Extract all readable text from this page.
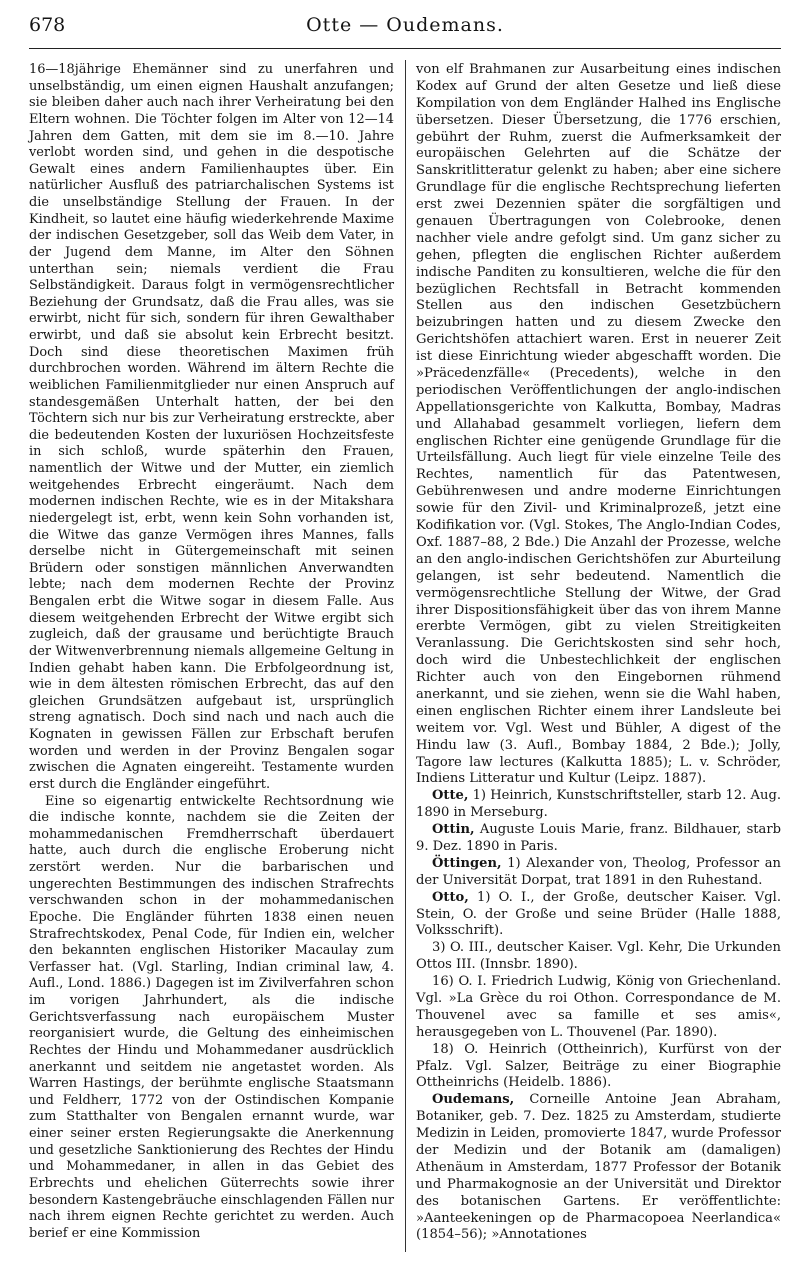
678	Otte — Oudemans.

16—18jährige Ehemänner sind zu unerfahren und unselbständig, um einen eignen Haushalt anzufangen; sie bleiben daher auch nach ihrer Verheiratung bei den Eltern wohnen. Die Töchter folgen im Alter von 12—14 Jahren dem Gatten, mit dem sie im 8.—10. Jahre verlobt worden sind, und gehen in die despotische Gewalt eines andern Familienhauptes über. Ein natürlicher Ausfluß des patriarchalischen Systems ist die unselbständige Stellung der Frauen. In der Kindheit, so lautet eine häufig wiederkehrende Maxime der indischen Gesetzgeber, soll das Weib dem Vater, in der Jugend dem Manne, im Alter den Söhnen unterthan sein; niemals verdient die Frau Selbständigkeit. Daraus folgt in vermögensrechtlicher Beziehung der Grundsatz, daß die Frau alles, was sie erwirbt, nicht für sich, sondern für ihren Gewalthaber erwirbt, und daß sie absolut kein Erbrecht besitzt. Doch sind diese theoretischen Maximen früh durchbrochen worden. Während im ältern Rechte die weiblichen Familienmitglieder nur einen Anspruch auf standesgemäßen Unterhalt hatten, der bei den Töchtern sich nur bis zur Verheiratung erstreckte, aber die bedeutenden Kosten der luxuriösen Hochzeitsfeste in sich schloß, wurde späterhin den Frauen, namentlich der Witwe und der Mutter, ein ziemlich weitgehendes Erbrecht eingeräumt. Nach dem modernen indischen Rechte, wie es in der Mitakshara niedergelegt ist, erbt, wenn kein Sohn vorhanden ist, die Witwe das ganze Vermögen ihres Mannes, falls derselbe nicht in Gütergemeinschaft mit seinen Brüdern oder sonstigen männlichen Anverwandten lebte; nach dem modernen Rechte der Provinz Bengalen erbt die Witwe sogar in diesem Falle. Aus diesem weitgehenden Erbrecht der Witwe ergibt sich zugleich, daß der grausame und berüchtigte Brauch der Witwenverbrennung niemals allgemeine Geltung in Indien gehabt haben kann. Die Erbfolgeordnung ist, wie in dem ältesten römischen Erbrecht, das auf den gleichen Grundsätzen aufgebaut ist, ursprünglich streng agnatisch. Doch sind nach und nach auch die Kognaten in gewissen Fällen zur Erbschaft berufen worden und werden in der Provinz Bengalen sogar zwischen die Agnaten eingereiht. Testamente wurden erst durch die Engländer eingeführt.

Eine so eigenartig entwickelte Rechtsordnung wie die indische konnte, nachdem sie die Zeiten der mohammedanischen Fremdherrschaft überdauert hatte, auch durch die englische Eroberung nicht zerstört werden. Nur die barbarischen und ungerechten Bestimmungen des indischen Strafrechts verschwanden schon in der mohammedanischen Epoche. Die Engländer führten 1838 einen neuen Strafrechtskodex, Penal Code, für Indien ein, welcher den bekannten englischen Historiker Macaulay zum Verfasser hat. (Vgl. Starling, Indian criminal law, 4. Aufl., Lond. 1886.) Dagegen ist im Zivilverfahren schon im vorigen Jahrhundert, als die indische Gerichtsverfassung nach europäischem Muster reorganisiert wurde, die Geltung des einheimischen Rechtes der Hindu und Mohammedaner ausdrücklich anerkannt und seitdem nie angetastet worden. Als Warren Hastings, der berühmte englische Staatsmann und Feldherr, 1772 von der Ostindischen Kompanie zum Statthalter von Bengalen ernannt wurde, war einer seiner ersten Regierungsakte die Anerkennung und gesetzliche Sanktionierung des Rechtes der Hindu und Mohammedaner, in allen in das Gebiet des Erbrechts und ehelichen Güterrechts sowie ihrer besondern Kastengebräuche einschlagenden Fällen nur nach ihrem eignen Rechte gerichtet zu werden. Auch berief er eine Kommission

von elf Brahmanen zur Ausarbeitung eines indischen Kodex auf Grund der alten Gesetze und ließ diese Kompilation von dem Engländer Halhed ins Englische übersetzen. Dieser Übersetzung, die 1776 erschien, gebührt der Ruhm, zuerst die Aufmerksamkeit der europäischen Gelehrten auf die Schätze der Sanskritlitteratur gelenkt zu haben; aber eine sichere Grundlage für die englische Rechtsprechung lieferten erst zwei Dezennien später die sorgfältigen und genauen Übertragungen von Colebrooke, denen nachher viele andre gefolgt sind. Um ganz sicher zu gehen, pflegten die englischen Richter außerdem indische Panditen zu konsultieren, welche die für den bezüglichen Rechtsfall in Betracht kommenden Stellen aus den indischen Gesetzbüchern beizubringen hatten und zu diesem Zwecke den Gerichtshöfen attachiert waren. Erst in neuerer Zeit ist diese Einrichtung wieder abgeschafft worden. Die »Präcedenzfälle« (Precedents), welche in den periodischen Veröffentlichungen der anglo-indischen Appellationsgerichte von Kalkutta, Bombay, Madras und Allahabad gesammelt vorliegen, liefern dem englischen Richter eine genügende Grundlage für die Urteilsfällung. Auch liegt für viele einzelne Teile des Rechtes, namentlich für das Patentwesen, Gebührenwesen und andre moderne Einrichtungen sowie für den Zivil- und Kriminalprozeß, jetzt eine Kodifikation vor. (Vgl. Stokes, The Anglo-Indian Codes, Oxf. 1887–88, 2 Bde.) Die Anzahl der Prozesse, welche an den anglo-indischen Gerichtshöfen zur Aburteilung gelangen, ist sehr bedeutend. Namentlich die vermögensrechtliche Stellung der Witwe, der Grad ihrer Dispositionsfähigkeit über das von ihrem Manne ererbte Vermögen, gibt zu vielen Streitigkeiten Veranlassung. Die Gerichtskosten sind sehr hoch, doch wird die Unbestechlichkeit der englischen Richter auch von den Eingebornen rühmend anerkannt, und sie ziehen, wenn sie die Wahl haben, einen englischen Richter einem ihrer Landsleute bei weitem vor. Vgl. West und Bühler, A digest of the Hindu law (3. Aufl., Bombay 1884, 2 Bde.); Jolly, Tagore law lectures (Kalkutta 1885); L. v. Schröder, Indiens Litteratur und Kultur (Leipz. 1887).

Otte, 1) Heinrich, Kunstschriftsteller, starb 12. Aug. 1890 in Merseburg.

Ottin, Auguste Louis Marie, franz. Bildhauer, starb 9. Dez. 1890 in Paris.

Öttingen, 1) Alexander von, Theolog, Professor an der Universität Dorpat, trat 1891 in den Ruhestand.

Otto, 1) O. I., der Große, deutscher Kaiser. Vgl. Stein, O. der Große und seine Brüder (Halle 1888, Volksschrift).

3) O. III., deutscher Kaiser. Vgl. Kehr, Die Urkunden Ottos III. (Innsbr. 1890).

16) O. I. Friedrich Ludwig, König von Griechenland. Vgl. »La Grèce du roi Othon. Correspondance de M. Thouvenel avec sa famille et ses amis«, herausgegeben von L. Thouvenel (Par. 1890).

18) O. Heinrich (Ottheinrich), Kurfürst von der Pfalz. Vgl. Salzer, Beiträge zu einer Biographie Ottheinrichs (Heidelb. 1886).

Oudemans, Corneille Antoine Jean Abraham, Botaniker, geb. 7. Dez. 1825 zu Amsterdam, studierte Medizin in Leiden, promovierte 1847, wurde Professor der Medizin und der Botanik am (damaligen) Athenäum in Amsterdam, 1877 Professor der Botanik und Pharmakognosie an der Universität und Direktor des botanischen Gartens. Er veröffentlichte: »Aanteekeningen op de Pharmacopoea Neerlandica« (1854–56); »Annotationes
